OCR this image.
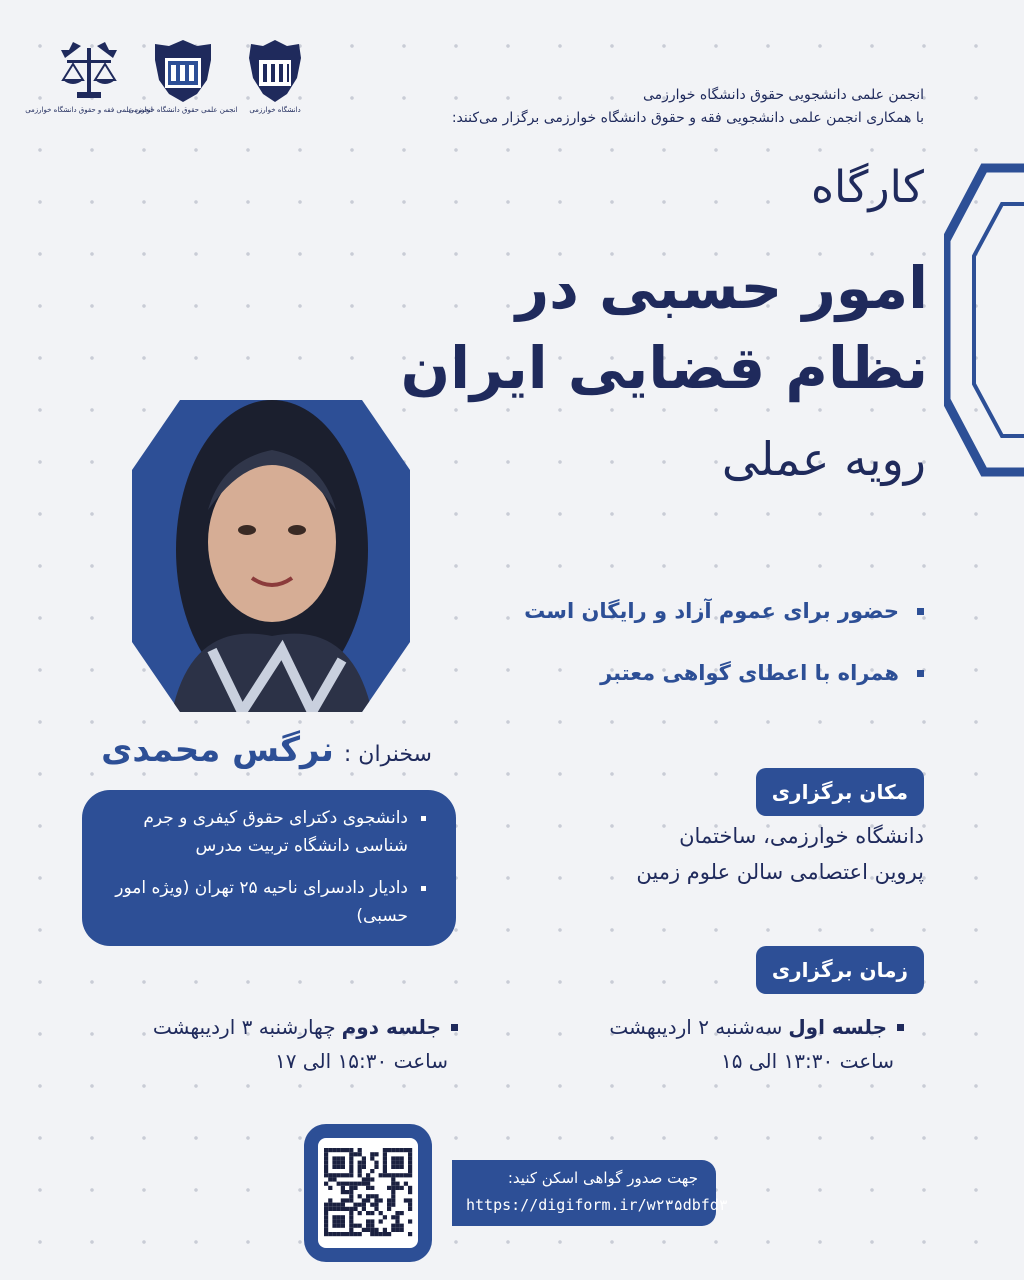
دانشگاه خوارزمی
انجمن علمی حقوق دانشگاه خوارزمی
انجمن علمی فقه و حقوق دانشگاه خوارزمی
انجمن علمی دانشجویی حقوق دانشگاه خوارزمی
با همکاری انجمن علمی دانشجویی فقه و حقوق دانشگاه خوارزمی برگزار می‌کنند:
کارگاه
امور حسبی در
نظام قضایی ایران
رویه عملی
حضور برای عموم آزاد و رایگان است
همراه با اعطای گواهی معتبر
سخنران :
نرگس محمدی
دانشجوی دکترای حقوق کیفری و جرم شناسی دانشگاه تربیت مدرس
دادیار دادسرای ناحیه ۲۵ تهران (ویژه امور حسبی)
مکان برگزاری
دانشگاه خوارزمی، ساختمان
پروین اعتصامی سالن علوم زمین
زمان برگزاری
جلسه اول
سه‌شنبه ۲ اردیبهشت
ساعت ۱۳:۳۰ الی ۱۵
جلسه دوم
چهارشنبه ۳ اردیبهشت
ساعت ۱۵:۳۰ الی ۱۷
جهت صدور گواهی اسکن کنید:
https://digiform.ir/w۲۳۵dbfd۳
